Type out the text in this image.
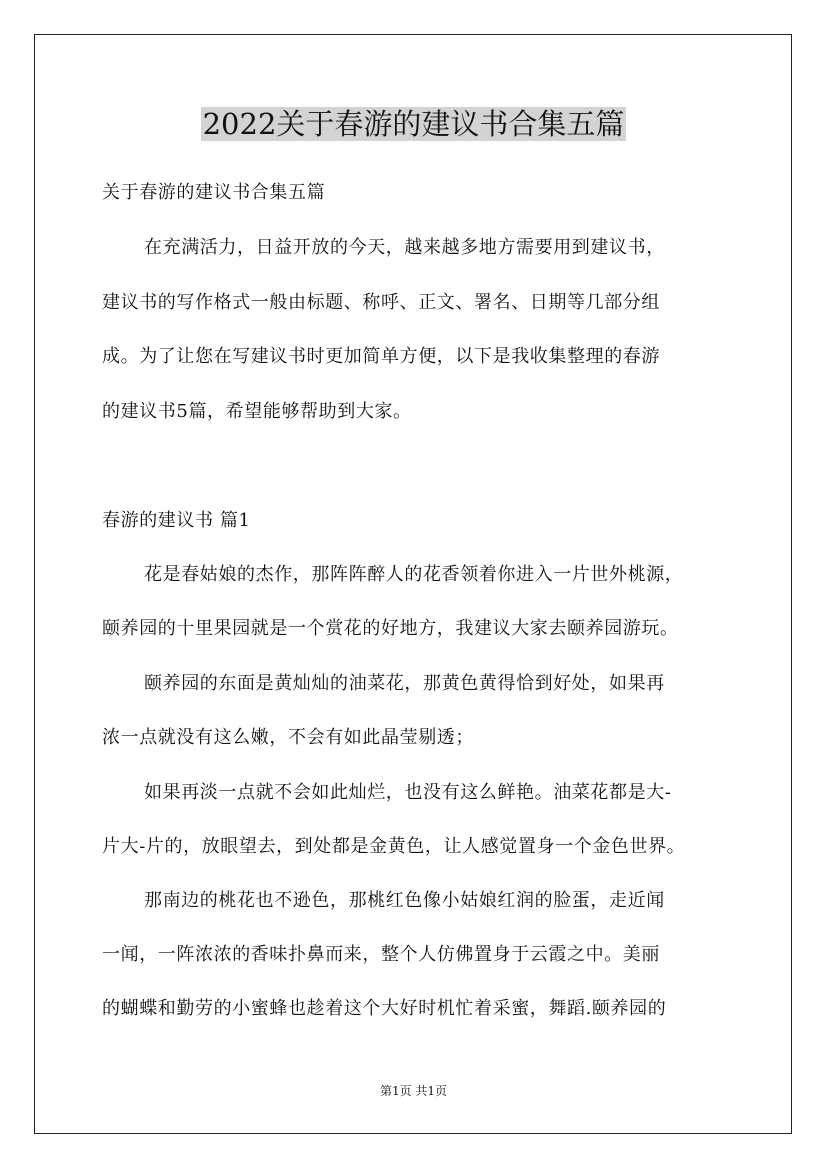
2022关于春游的建议书合集五篇
关于春游的建议书合集五篇
在充满活力，日益开放的今天，越来越多地方需要用到建议书，
建议书的写作格式一般由标题、称呼、正文、署名、日期等几部分组
成。为了让您在写建议书时更加简单方便，以下是我收集整理的春游
的建议书5篇，希望能够帮助到大家。
春游的建议书 篇1
花是春姑娘的杰作，那阵阵醉人的花香领着你进入一片世外桃源，
颐养园的十里果园就是一个赏花的好地方，我建议大家去颐养园游玩。
颐养园的东面是黄灿灿的油菜花，那黄色黄得恰到好处，如果再
浓一点就没有这么嫩，不会有如此晶莹剔透；
如果再淡一点就不会如此灿烂，也没有这么鲜艳。油菜花都是大-
片大-片的，放眼望去，到处都是金黄色，让人感觉置身一个金色世界。
那南边的桃花也不逊色，那桃红色像小姑娘红润的脸蛋，走近闻
一闻，一阵浓浓的香味扑鼻而来，整个人仿佛置身于云霞之中。美丽
的蝴蝶和勤劳的小蜜蜂也趁着这个大好时机忙着采蜜，舞蹈.颐养园的
第1页 共1页
